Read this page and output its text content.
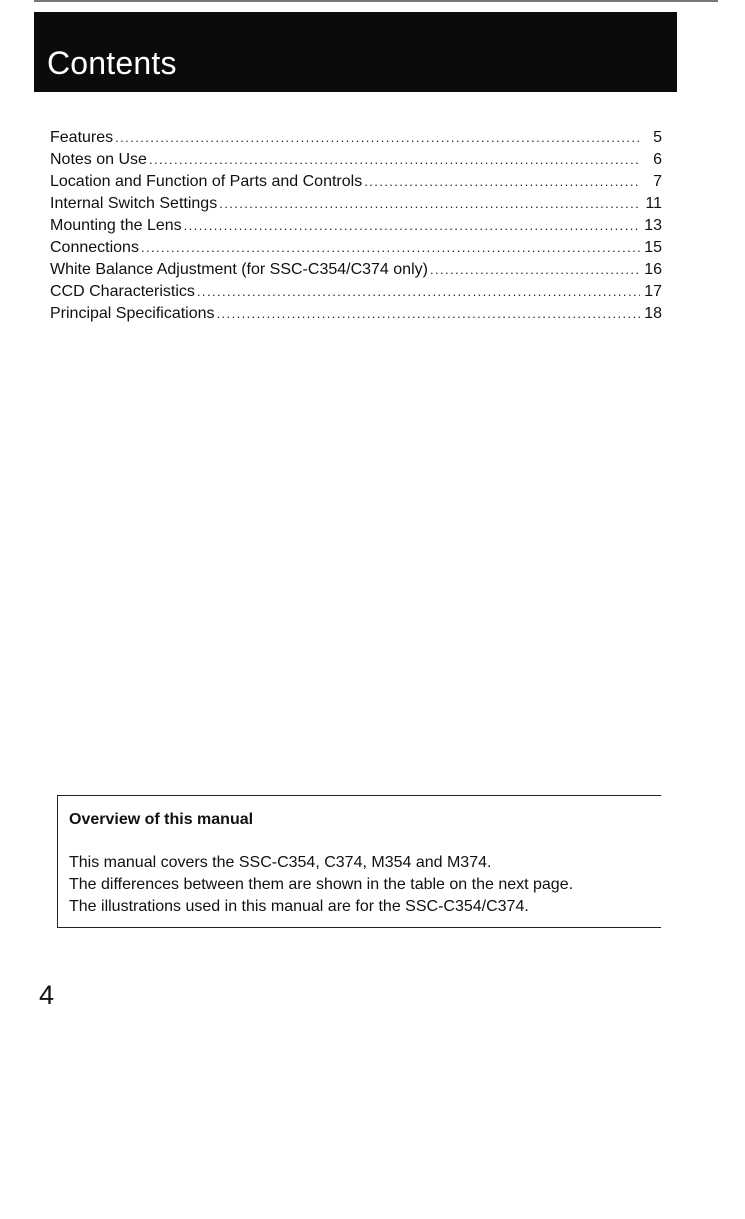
Contents
Features .....	5
Notes on Use .....	6
Location and Function of Parts and Controls .....	7
Internal Switch Settings .....	11
Mounting the Lens .....	13
Connections .....	15
White Balance Adjustment (for SSC-C354/C374 only) .....	16
CCD Characteristics .....	17
Principal Specifications .....	18
Overview of this manual
This manual covers the SSC-C354, C374, M354 and M374.
The differences between them are shown in the table on the next page.
The illustrations used in this manual are for the SSC-C354/C374.
4
